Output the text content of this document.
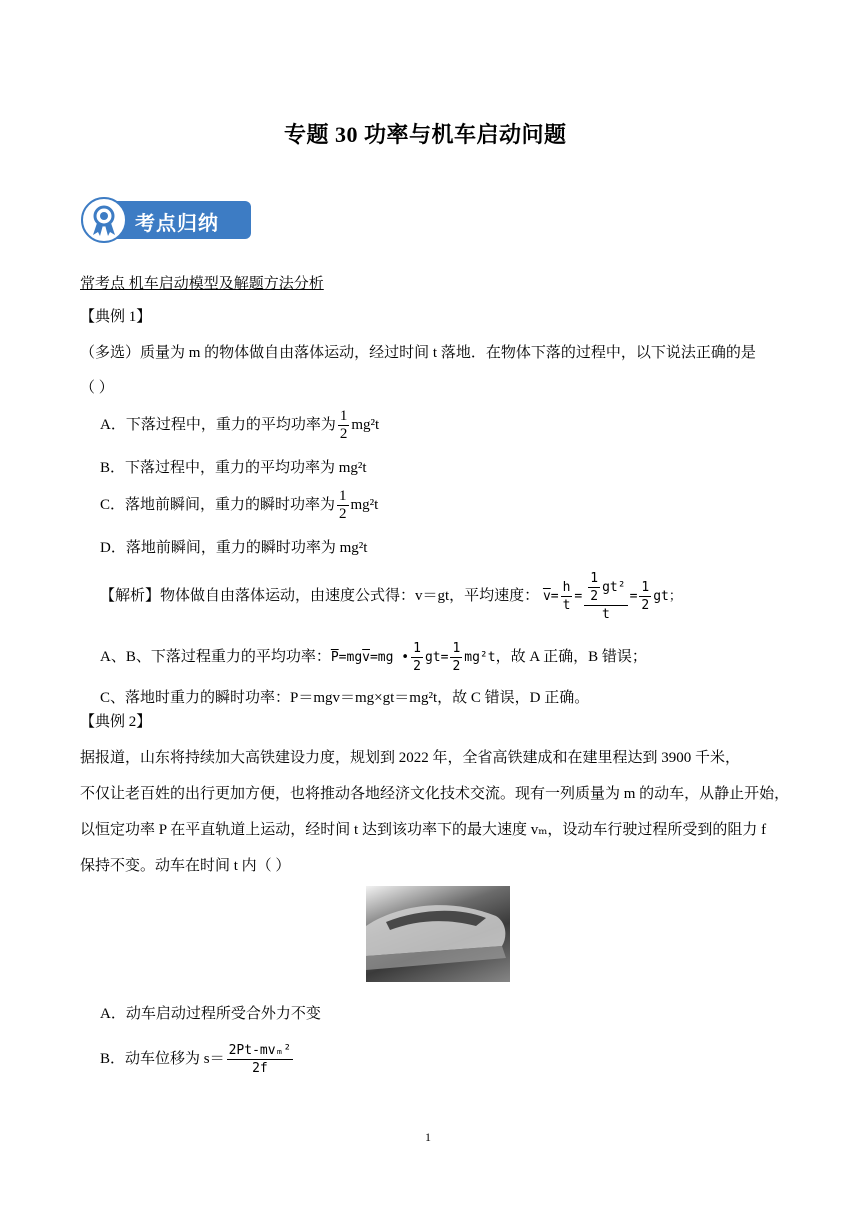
专题 30 功率与机车启动问题
考点归纳
常考点 机车启动模型及解题方法分析
【典例 1】
（多选）质量为 m 的物体做自由落体运动，经过时间 t 落地．在物体下落的过程中，以下说法正确的是
（ ）
A．下落过程中，重力的平均功率为 $\frac{1}{2} mg^2t$
B．下落过程中，重力的平均功率为 mg²t
C．落地前瞬间，重力的瞬时功率为 $\frac{1}{2} mg^2t$
D．落地前瞬间，重力的瞬时功率为 mg²t
【解析】物体做自由落体运动，由速度公式得：v＝gt，平均速度： $\overline{v}= \frac{h}{t} = \frac{\frac{1}{2} gt^2}{t} = \frac{1}{2}$ gt；
A、B、下落过程重力的平均功率：$\overline{P}=mg\overline{v}=mg$ • $\frac{1}{2} gt= \frac{1}{2} mg^2t$，故 A 正确，B 错误；
C、落地时重力的瞬时功率：P＝mgv＝mg×gt＝mg²t，故 C 错误，D 正确。
【典例 2】
据报道，山东将持续加大高铁建设力度，规划到 2022 年，全省高铁建成和在建里程达到 3900 千米，
不仅让老百姓的出行更加方便，也将推动各地经济文化技术交流。现有一列质量为 m 的动车，从静止开始，
以恒定功率 P 在平直轨道上运动，经时间 t 达到该功率下的最大速度 vₘ，设动车行驶过程所受到的阻力 f
保持不变。动车在时间 t 内（ ）
A．动车启动过程所受合外力不变
B．动车位移为 $s= \frac{\text{2Pt-mvₘ²}}{2f}$
1
